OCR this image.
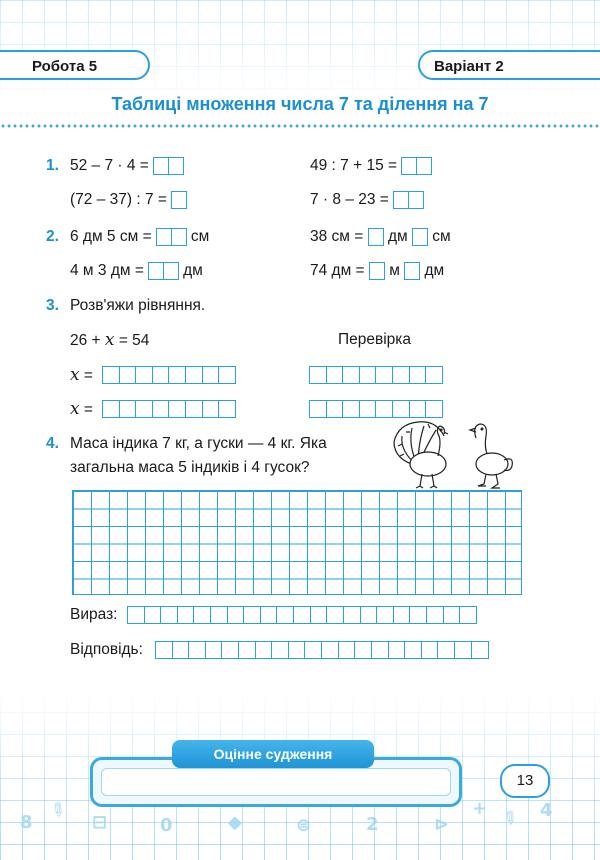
8 ✎ ⊟	0	◆	⊜	2	⊳
+ ✎ 4
Робота 5	Варіант 2
Таблиці множення числа 7 та ділення на 7
1. 52 – 7 · 4 =	49 : 7 + 15 =
(72 – 37) : 7 =	7 · 8 – 23 =
2. 6 дм 5 см =	см	38 см = дм см
4 м 3 дм =	дм	74 дм = м дм
3. Розв'яжи рівняння.
26 + x = 54	Перевірка
x =
x =
4. Маса індика 7 кг, а гуски — 4 кг. Яка
загальна маса 5 індиків і 4 гусок?
Вираз:
Відповідь:
Оцінне судження
13
